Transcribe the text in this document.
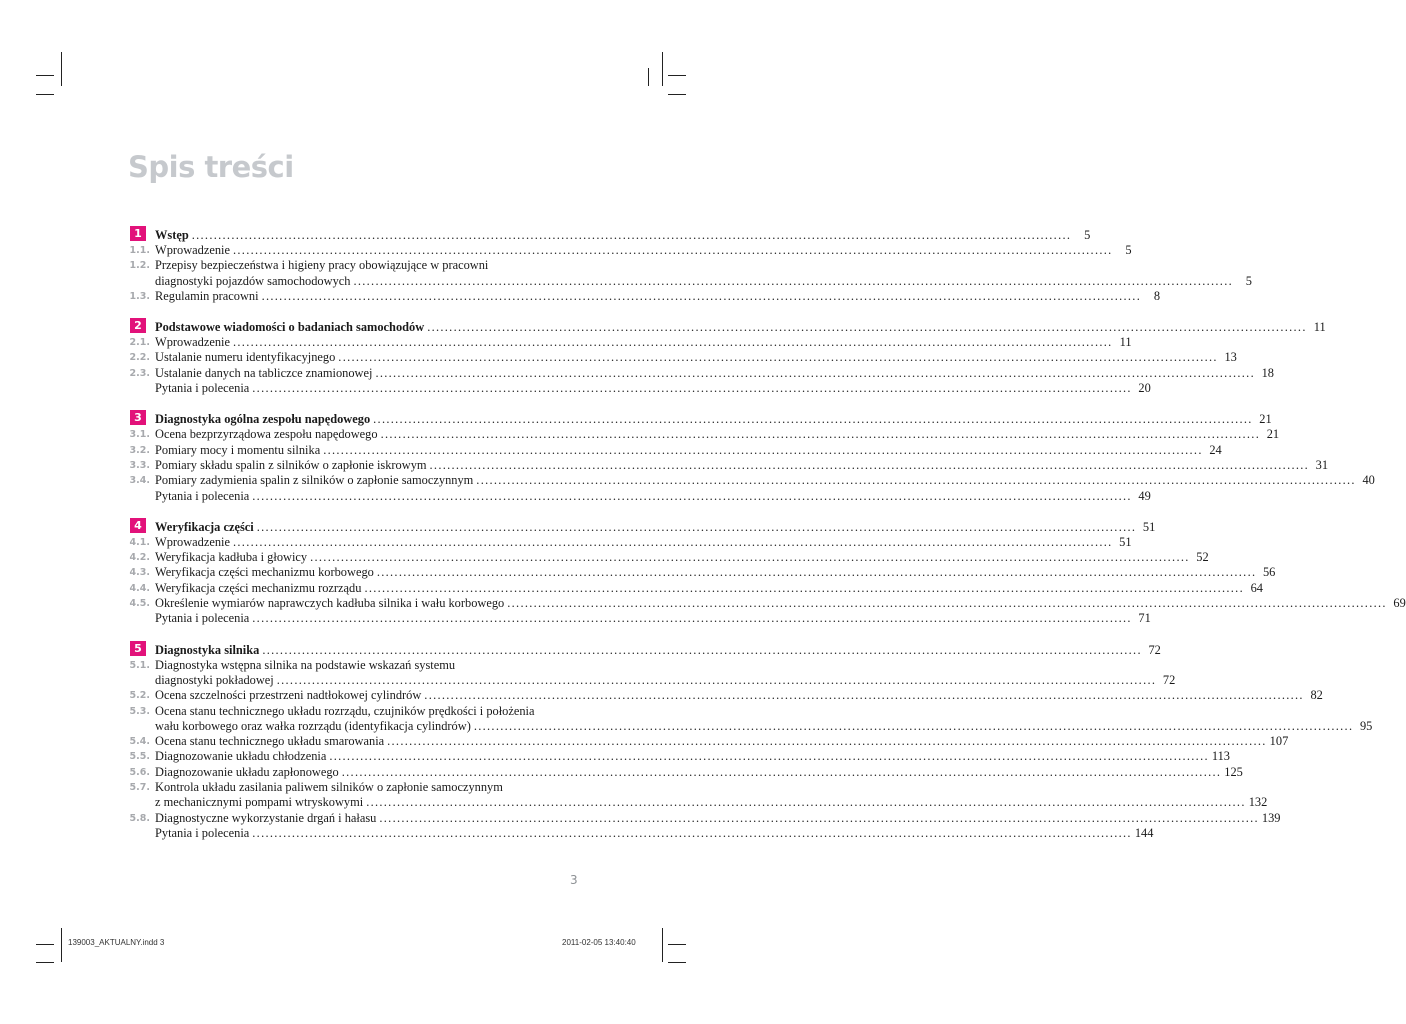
Spis treści
1	Wstęp ........................................................................................................................................................................................................	5
1.1. Wprowadzenie ........................................................................................................................................................................................................	5
1.2. Przepisy bezpieczeństwa i higieny pracy obowiązujące w pracowni
diagnostyki pojazdów samochodowych ........................................................................................................................................................................................................	5
1.3. Regulamin pracowni ........................................................................................................................................................................................................	8
2	Podstawowe wiadomości o badaniach samochodów ........................................................................................................................................................................................................ 11
2.1. Wprowadzenie ........................................................................................................................................................................................................ 11
2.2. Ustalanie numeru identyfikacyjnego ........................................................................................................................................................................................................ 13
2.3. Ustalanie danych na tabliczce znamionowej ........................................................................................................................................................................................................ 18
Pytania i polecenia ........................................................................................................................................................................................................ 20
3	Diagnostyka ogólna zespołu napędowego ........................................................................................................................................................................................................ 21
3.1. Ocena bezprzyrządowa zespołu napędowego ........................................................................................................................................................................................................ 21
3.2. Pomiary mocy i momentu silnika ........................................................................................................................................................................................................ 24
3.3. Pomiary składu spalin z silników o zapłonie iskrowym ........................................................................................................................................................................................................ 31
3.4. Pomiary zadymienia spalin z silników o zapłonie samoczynnym ........................................................................................................................................................................................................ 40
Pytania i polecenia ........................................................................................................................................................................................................ 49
4	Weryfikacja części ........................................................................................................................................................................................................ 51
4.1. Wprowadzenie ........................................................................................................................................................................................................ 51
4.2. Weryfikacja kadłuba i głowicy ........................................................................................................................................................................................................ 52
4.3. Weryfikacja części mechanizmu korbowego ........................................................................................................................................................................................................ 56
4.4. Weryfikacja części mechanizmu rozrządu ........................................................................................................................................................................................................ 64
4.5. Określenie wymiarów naprawczych kadłuba silnika i wału korbowego ........................................................................................................................................................................................................ 69
Pytania i polecenia ........................................................................................................................................................................................................ 71
5	Diagnostyka silnika ........................................................................................................................................................................................................ 72
5.1. Diagnostyka wstępna silnika na podstawie wskazań systemu
diagnostyki pokładowej ........................................................................................................................................................................................................ 72
5.2. Ocena szczelności przestrzeni nadtłokowej cylindrów ........................................................................................................................................................................................................ 82
5.3. Ocena stanu technicznego układu rozrządu, czujników prędkości i położenia
wału korbowego oraz wałka rozrządu (identyfikacja cylindrów) ........................................................................................................................................................................................................ 95
5.4. Ocena stanu technicznego układu smarowania ........................................................................................................................................................................................................ 107
5.5. Diagnozowanie układu chłodzenia ........................................................................................................................................................................................................ 113
5.6. Diagnozowanie układu zapłonowego ........................................................................................................................................................................................................ 125
5.7. Kontrola układu zasilania paliwem silników o zapłonie samoczynnym
z mechanicznymi pompami wtryskowymi ........................................................................................................................................................................................................ 132
5.8. Diagnostyczne wykorzystanie drgań i hałasu ........................................................................................................................................................................................................ 139
Pytania i polecenia ........................................................................................................................................................................................................ 144
3
139003_AKTUALNY.indd 3	2011-02-05 13:40:40
